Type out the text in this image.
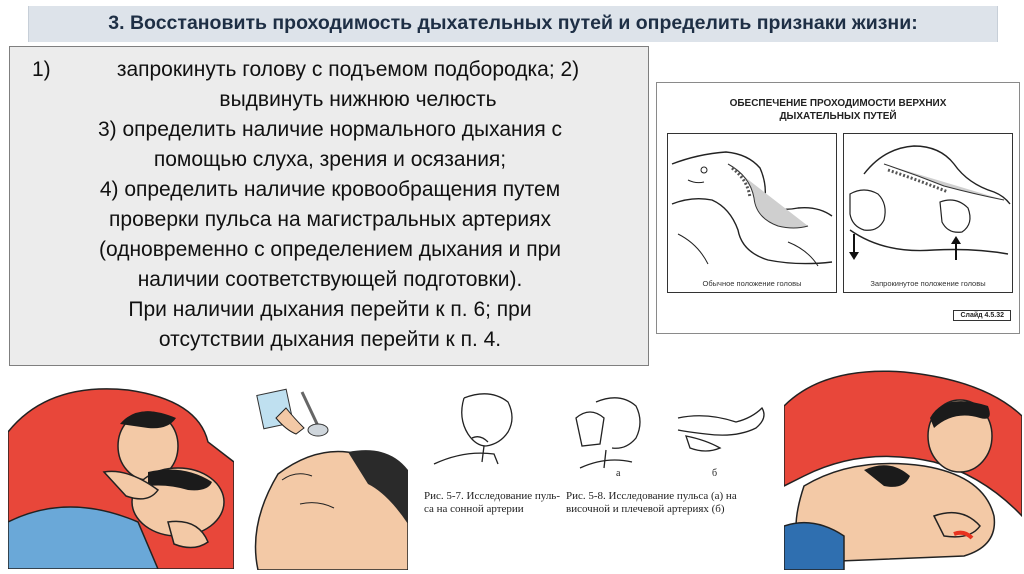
3. Восстановить проходимость дыхательных путей и определить признаки жизни:
1)	запрокинуть голову с подъемом подбородка; 2)
выдвинуть нижнюю челюсть
3) определить наличие нормального дыхания с
помощью слуха, зрения и осязания;
4) определить наличие кровообращения путем
проверки пульса на магистральных артериях
(одновременно с определением дыхания и при
наличии соответствующей подготовки).
При наличии дыхания перейти к п. 6; при
отсутствии дыхания перейти к п. 4.
ОБЕСПЕЧЕНИЕ ПРОХОДИМОСТИ ВЕРХНИХ
ДЫХАТЕЛЬНЫХ ПУТЕЙ
Обычное положение головы	Запрокинутое положение головы
Слайд 4.5.32
Рис. 5-7. Исследование пуль-
са на сонной артерии
а	б
Рис. 5-8. Исследование пульса (а) на
височной и плечевой артериях (б)
